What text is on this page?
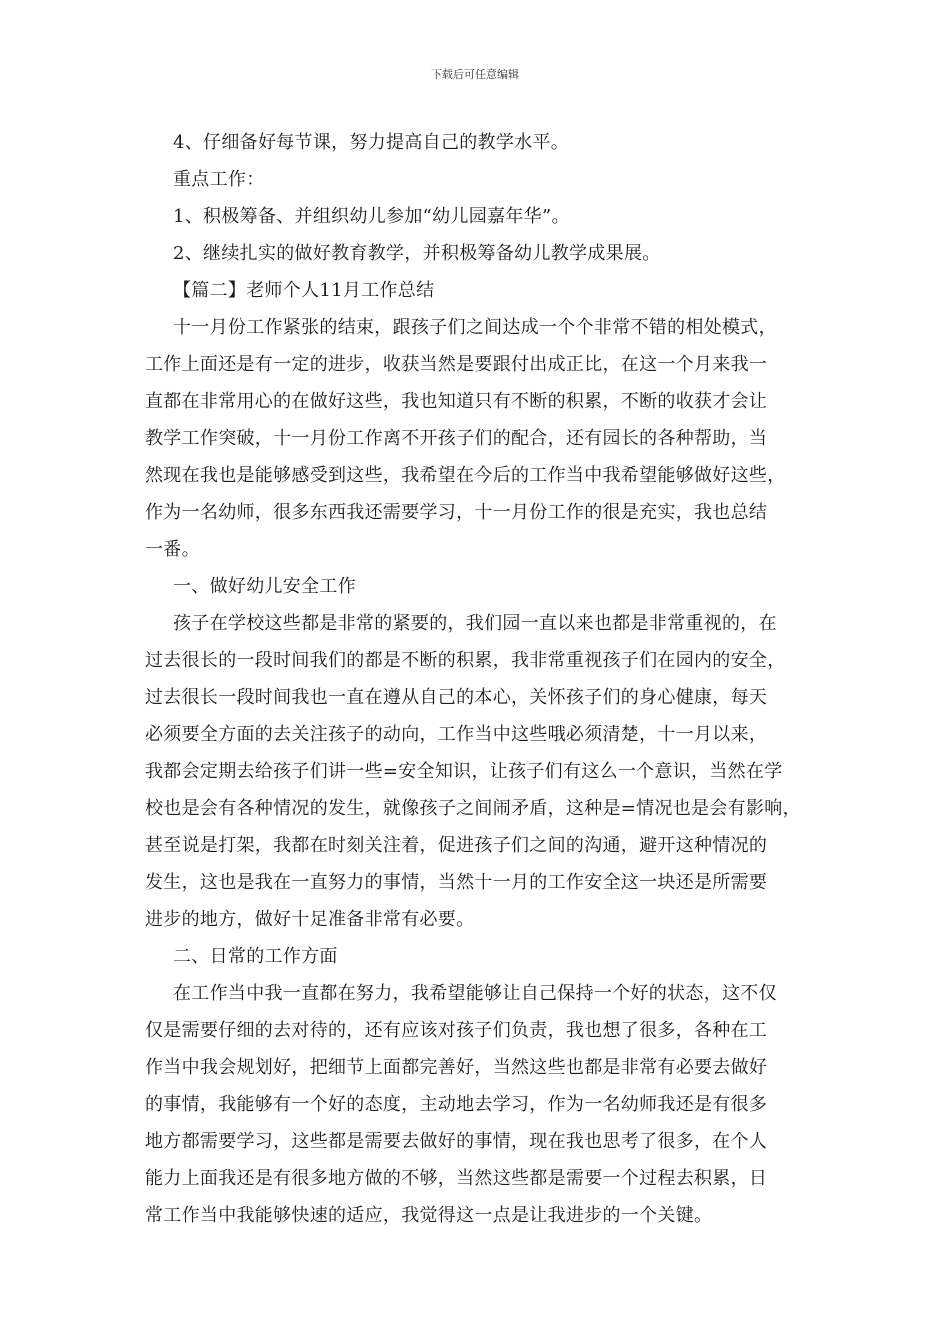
下载后可任意编辑
4、仔细备好每节课，努力提高自己的教学水平。
重点工作：
1、积极筹备、并组织幼儿参加“幼儿园嘉年华”。
2、继续扎实的做好教育教学，并积极筹备幼儿教学成果展。
【篇二】老师个人11月工作总结
十一月份工作紧张的结束，跟孩子们之间达成一个个非常不错的相处模式，
工作上面还是有一定的进步，收获当然是要跟付出成正比，在这一个月来我一
直都在非常用心的在做好这些，我也知道只有不断的积累，不断的收获才会让
教学工作突破，十一月份工作离不开孩子们的配合，还有园长的各种帮助，当
然现在我也是能够感受到这些，我希望在今后的工作当中我希望能够做好这些，
作为一名幼师，很多东西我还需要学习，十一月份工作的很是充实，我也总结
一番。
一、做好幼儿安全工作
孩子在学校这些都是非常的紧要的，我们园一直以来也都是非常重视的，在
过去很长的一段时间我们的都是不断的积累，我非常重视孩子们在园内的安全，
过去很长一段时间我也一直在遵从自己的本心，关怀孩子们的身心健康，每天
必须要全方面的去关注孩子的动向，工作当中这些哦必须清楚，十一月以来，
我都会定期去给孩子们讲一些=安全知识，让孩子们有这么一个意识，当然在学
校也是会有各种情况的发生，就像孩子之间闹矛盾，这种是=情况也是会有影响，
甚至说是打架，我都在时刻关注着，促进孩子们之间的沟通，避开这种情况的
发生，这也是我在一直努力的事情，当然十一月的工作安全这一块还是所需要
进步的地方，做好十足准备非常有必要。
二、日常的工作方面
在工作当中我一直都在努力，我希望能够让自己保持一个好的状态，这不仅
仅是需要仔细的去对待的，还有应该对孩子们负责，我也想了很多，各种在工
作当中我会规划好，把细节上面都完善好，当然这些也都是非常有必要去做好
的事情，我能够有一个好的态度，主动地去学习，作为一名幼师我还是有很多
地方都需要学习，这些都是需要去做好的事情，现在我也思考了很多，在个人
能力上面我还是有很多地方做的不够，当然这些都是需要一个过程去积累，日
常工作当中我能够快速的适应，我觉得这一点是让我进步的一个关键。
